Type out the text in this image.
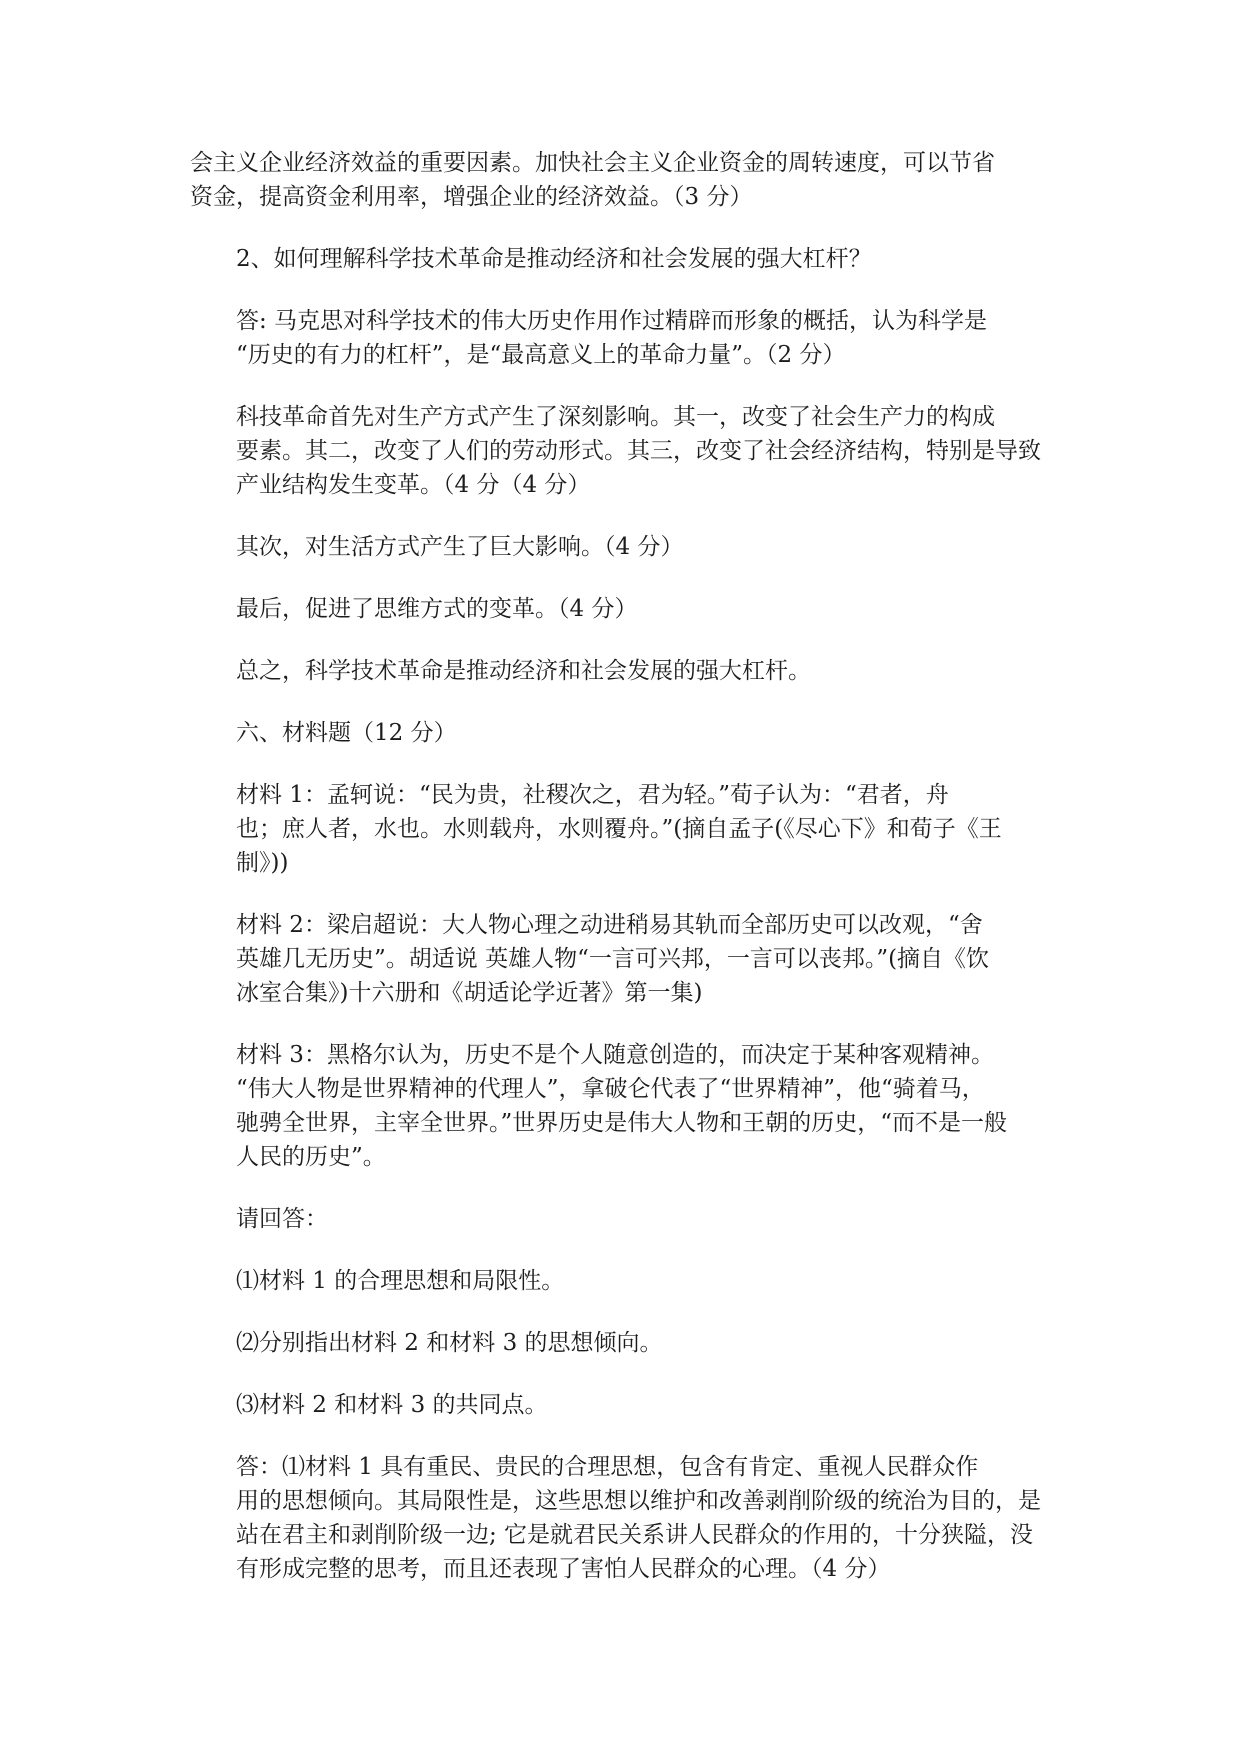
会主义企业经济效益的重要因素。加快社会主义企业资金的周转速度，可以节省
资金，提高资金利用率，增强企业的经济效益。（3 分）
2、如何理解科学技术革命是推动经济和社会发展的强大杠杆？
答: 马克思对科学技术的伟大历史作用作过精辟而形象的概括，认为科学是
“历史的有力的杠杆”，是“最高意义上的革命力量”。（2 分）
科技革命首先对生产方式产生了深刻影响。其一，改变了社会生产力的构成
要素。其二，改变了人们的劳动形式。其三，改变了社会经济结构，特别是导致
产业结构发生变革。（4 分（4 分）
其次，对生活方式产生了巨大影响。（4 分）
最后，促进了思维方式的变革。（4 分）
总之，科学技术革命是推动经济和社会发展的强大杠杆。
六、材料题（12 分）
材料 1：孟轲说：“民为贵，社稷次之，君为轻。”荀子认为：“君者，舟
也；庶人者，水也。水则载舟，水则覆舟。”(摘自孟子(《尽心下》和荀子《王
制》))
材料 2：梁启超说：大人物心理之动进稍易其轨而全部历史可以改观，“舍
英雄几无历史”。胡适说 英雄人物“一言可兴邦，一言可以丧邦。”(摘自《饮
冰室合集》)十六册和《胡适论学近著》第一集)
材料 3：黑格尔认为，历史不是个人随意创造的，而决定于某种客观精神。
“伟大人物是世界精神的代理人”，拿破仑代表了“世界精神”，他“骑着马，
驰骋全世界，主宰全世界。”世界历史是伟大人物和王朝的历史，“而不是一般
人民的历史”。
请回答：
⑴材料 1 的合理思想和局限性。
⑵分别指出材料 2 和材料 3 的思想倾向。
⑶材料 2 和材料 3 的共同点。
答：⑴材料 1 具有重民、贵民的合理思想，包含有肯定、重视人民群众作
用的思想倾向。其局限性是，这些思想以维护和改善剥削阶级的统治为目的，是
站在君主和剥削阶级一边; 它是就君民关系讲人民群众的作用的，十分狭隘，没
有形成完整的思考，而且还表现了害怕人民群众的心理。（4 分）
